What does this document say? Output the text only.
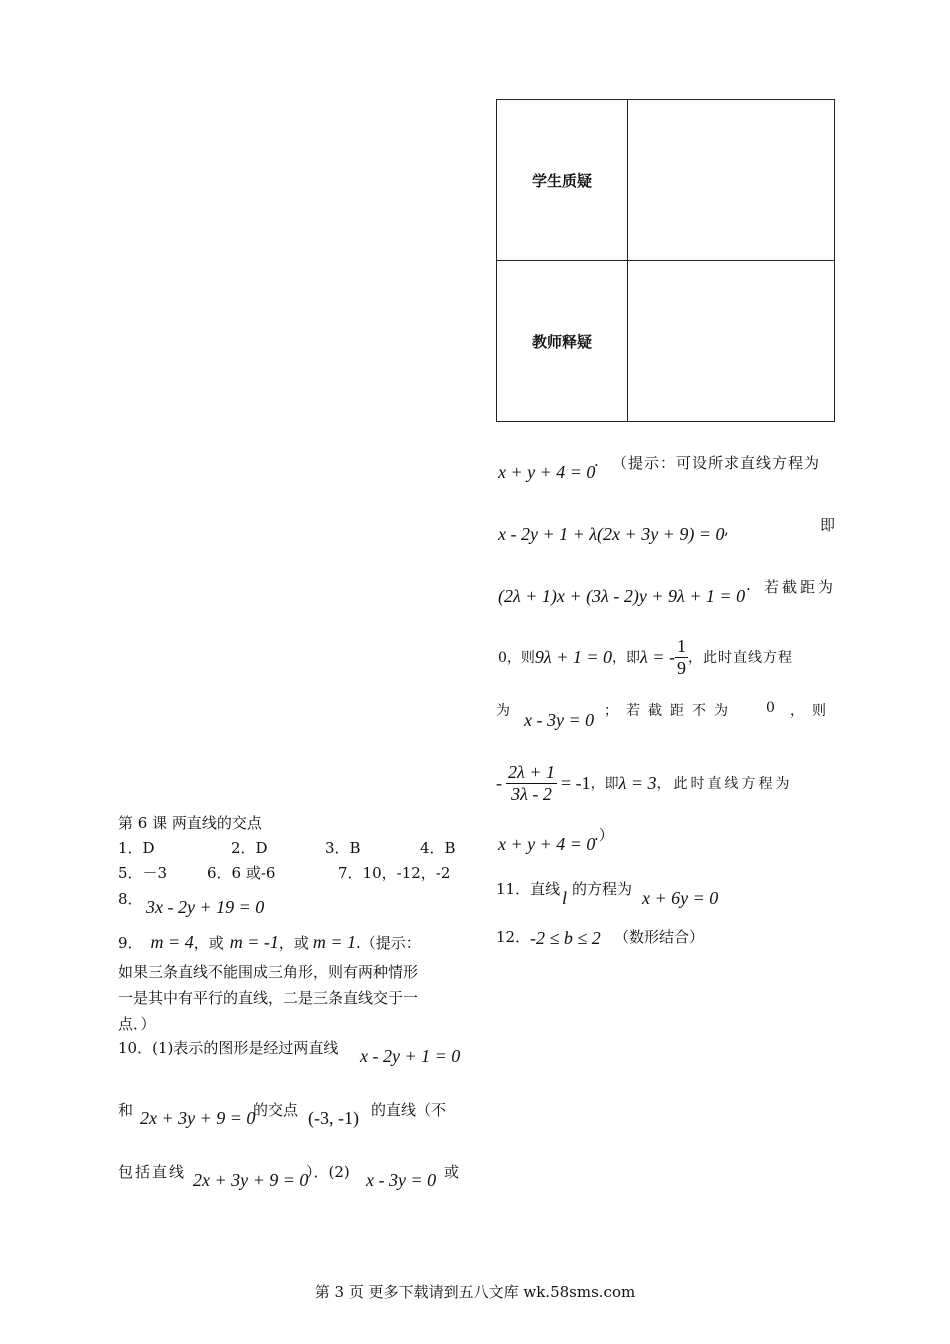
学生质疑	
教师释疑	
x + y + 4 = 0
. （提示：可设所求直线方程为
x - 2y + 1 + λ(2x + 3y + 9) = 0 ,	即
(2λ + 1)x + (3λ - 2)y + 9λ + 1 = 0
. 若截距为
0，则 9λ + 1 = 0 ，即 λ = - $\frac{1}{9}$ ，此时直线方程
为 x - 3y = 0 ；若截距不为 0 ，则
- $\frac{2\lambda + 1}{3\lambda - 2} = -1$ ，即 λ = 3 ，此时直线方程为
x + y + 4 = 0
.）
11．直线 l 的方程为 x + 6y = 0
12． -2 ≤ b ≤ 2 （数形结合）
第 6 课 两直线的交点
1．D	2．D	3．B	4．B
5．－3	6．6 或-6	7．10，-12，-2
8． 3x - 2y + 19 = 0
9． m = 4 ，或 m = -1 ，或 m = 1 .（提示：
如果三条直线不能围成三角形，则有两种情形
一是其中有平行的直线，二是三条直线交于一
点．）
10．(1)表示的图形是经过两直线 x - 2y + 1 = 0
和 2x + 3y + 9 = 0
的交点 (-3, -1) 的直线（不
包括直线 2x + 3y + 9 = 0
）．(2) x - 3y = 0 或
第 3 页 更多下载请到五八文库 wk.58sms.com
